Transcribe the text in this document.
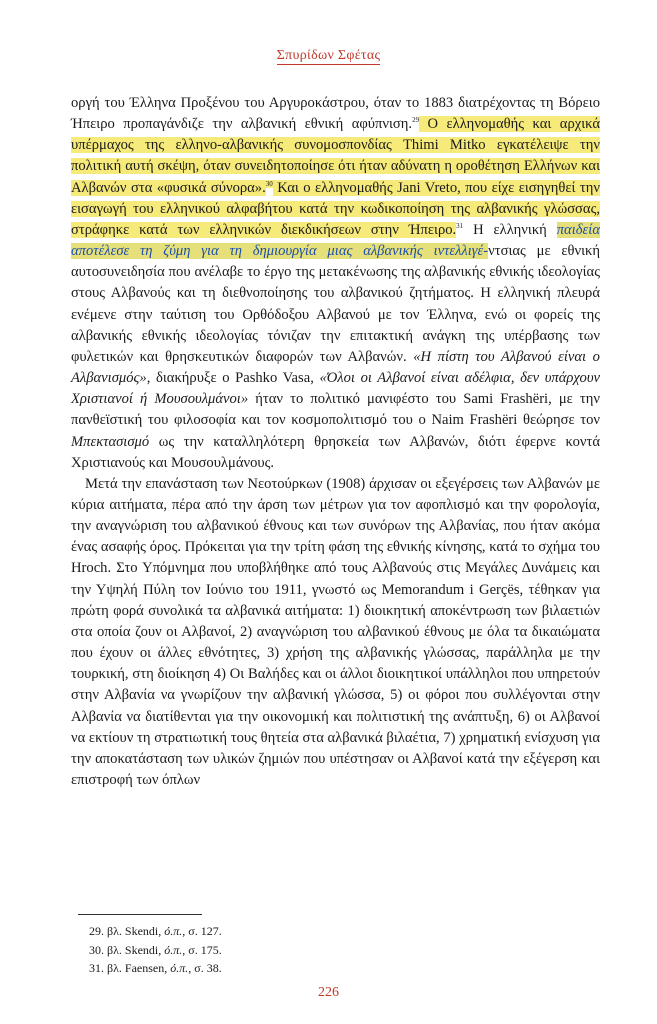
Σπυρίδων Σφέτας

οργή του Έλληνα Προξένου του Αργυροκάστρου, όταν το 1883 διατρέχοντας τη Βόρειο Ήπειρο προπαγάνδιζε την αλβανική εθνική αφύπνιση.$^{29}$ Ο ελληνομαθής και αρχικά υπέρμαχος της ελληνο-αλβανικής συνομοσπονδίας Thimi Mitko εγκατέλειψε την πολιτική αυτή σκέψη, όταν συνειδητοποίησε ότι ήταν αδύνατη η οροθέτηση Ελλήνων και Αλβανών στα «φυσικά σύνορα».$^{30}$ Και ο ελληνομαθής Jani Vreto, που είχε εισηγηθεί την εισαγωγή του ελληνικού αλφαβήτου κατά την κωδικοποίηση της αλβανικής γλώσσας, στράφηκε κατά των ελληνικών διεκδικήσεων στην Ήπειρο.$^{31}$ Η ελληνική παιδεία αποτέλεσε τη ζύμη για τη δημιουργία μιας αλβανικής ιντελλιγέ-ντσιας με εθνική αυτοσυνειδησία που ανέλαβε το έργο της μετακένωσης της αλβανικής εθνικής ιδεολογίας στους Αλβανούς και τη διεθνοποίησης του αλβανικού ζητήματος. Η ελληνική πλευρά ενέμενε στην ταύτιση του Ορθόδοξου Αλβανού με τον Έλληνα, ενώ οι φορείς της αλβανικής εθνικής ιδεολογίας τόνιζαν την επιτακτική ανάγκη της υπέρβασης των φυλετικών και θρησκευτικών διαφορών των Αλβανών. «Η πίστη του Αλβανού είναι ο Αλβανισμός», διακήρυξε ο Pashko Vasa, «Όλοι οι Αλβανοί είναι αδέλφια, δεν υπάρχουν Χριστιανοί ή Μουσουλμάνοι» ήταν το πολιτικό μανιφέστο του Sami Frashëri, με την πανθεϊστική του φιλοσοφία και τον κοσμοπολιτισμό του ο Naim Frashëri θεώρησε τον Μπεκτασισμό ως την καταλληλότερη θρησκεία των Αλβανών, διότι έφερνε κοντά Χριστιανούς και Μουσουλμάνους.

Μετά την επανάσταση των Νεοτούρκων (1908) άρχισαν οι εξεγέρσεις των Αλβανών με κύρια αιτήματα, πέρα από την άρση των μέτρων για τον αφοπλισμό και την φορολογία, την αναγνώριση του αλβανικού έθνους και των συνόρων της Αλβανίας, που ήταν ακόμα ένας ασαφής όρος. Πρόκειται για την τρίτη φάση της εθνικής κίνησης, κατά το σχήμα του Hroch. Στο Υπόμνημα που υποβλήθηκε από τους Αλβανούς στις Μεγάλες Δυνάμεις και την Υψηλή Πύλη τον Ιούνιο του 1911, γνωστό ως Memorandum i Gerçës, τέθηκαν για πρώτη φορά συνολικά τα αλβανικά αιτήματα: 1) διοικητική αποκέντρωση των βιλαετιών στα οποία ζουν οι Αλβανοί, 2) αναγνώριση του αλβανικού έθνους με όλα τα δικαιώματα που έχουν οι άλλες εθνότητες, 3) χρήση της αλβανικής γλώσσας, παράλληλα με την τουρκική, στη διοίκηση 4) Οι Βαλήδες και οι άλλοι διοικητικοί υπάλληλοι που υπηρετούν στην Αλβανία να γνωρίζουν την αλβανική γλώσσα, 5) οι φόροι που συλλέγονται στην Αλβανία να διατίθενται για την οικονομική και πολιτιστική της ανάπτυξη, 6) οι Αλβανοί να εκτίουν τη στρατιωτική τους θητεία στα αλβανικά βιλαέτια, 7) χρηματική ενίσχυση για την αποκατάσταση των υλικών ζημιών που υπέστησαν οι Αλβανοί κατά την εξέγερση και επιστροφή των όπλων

29. βλ. Skendi, ό.π., σ. 127.
30. βλ. Skendi, ό.π., σ. 175.
31. βλ. Faensen, ό.π., σ. 38.
226
